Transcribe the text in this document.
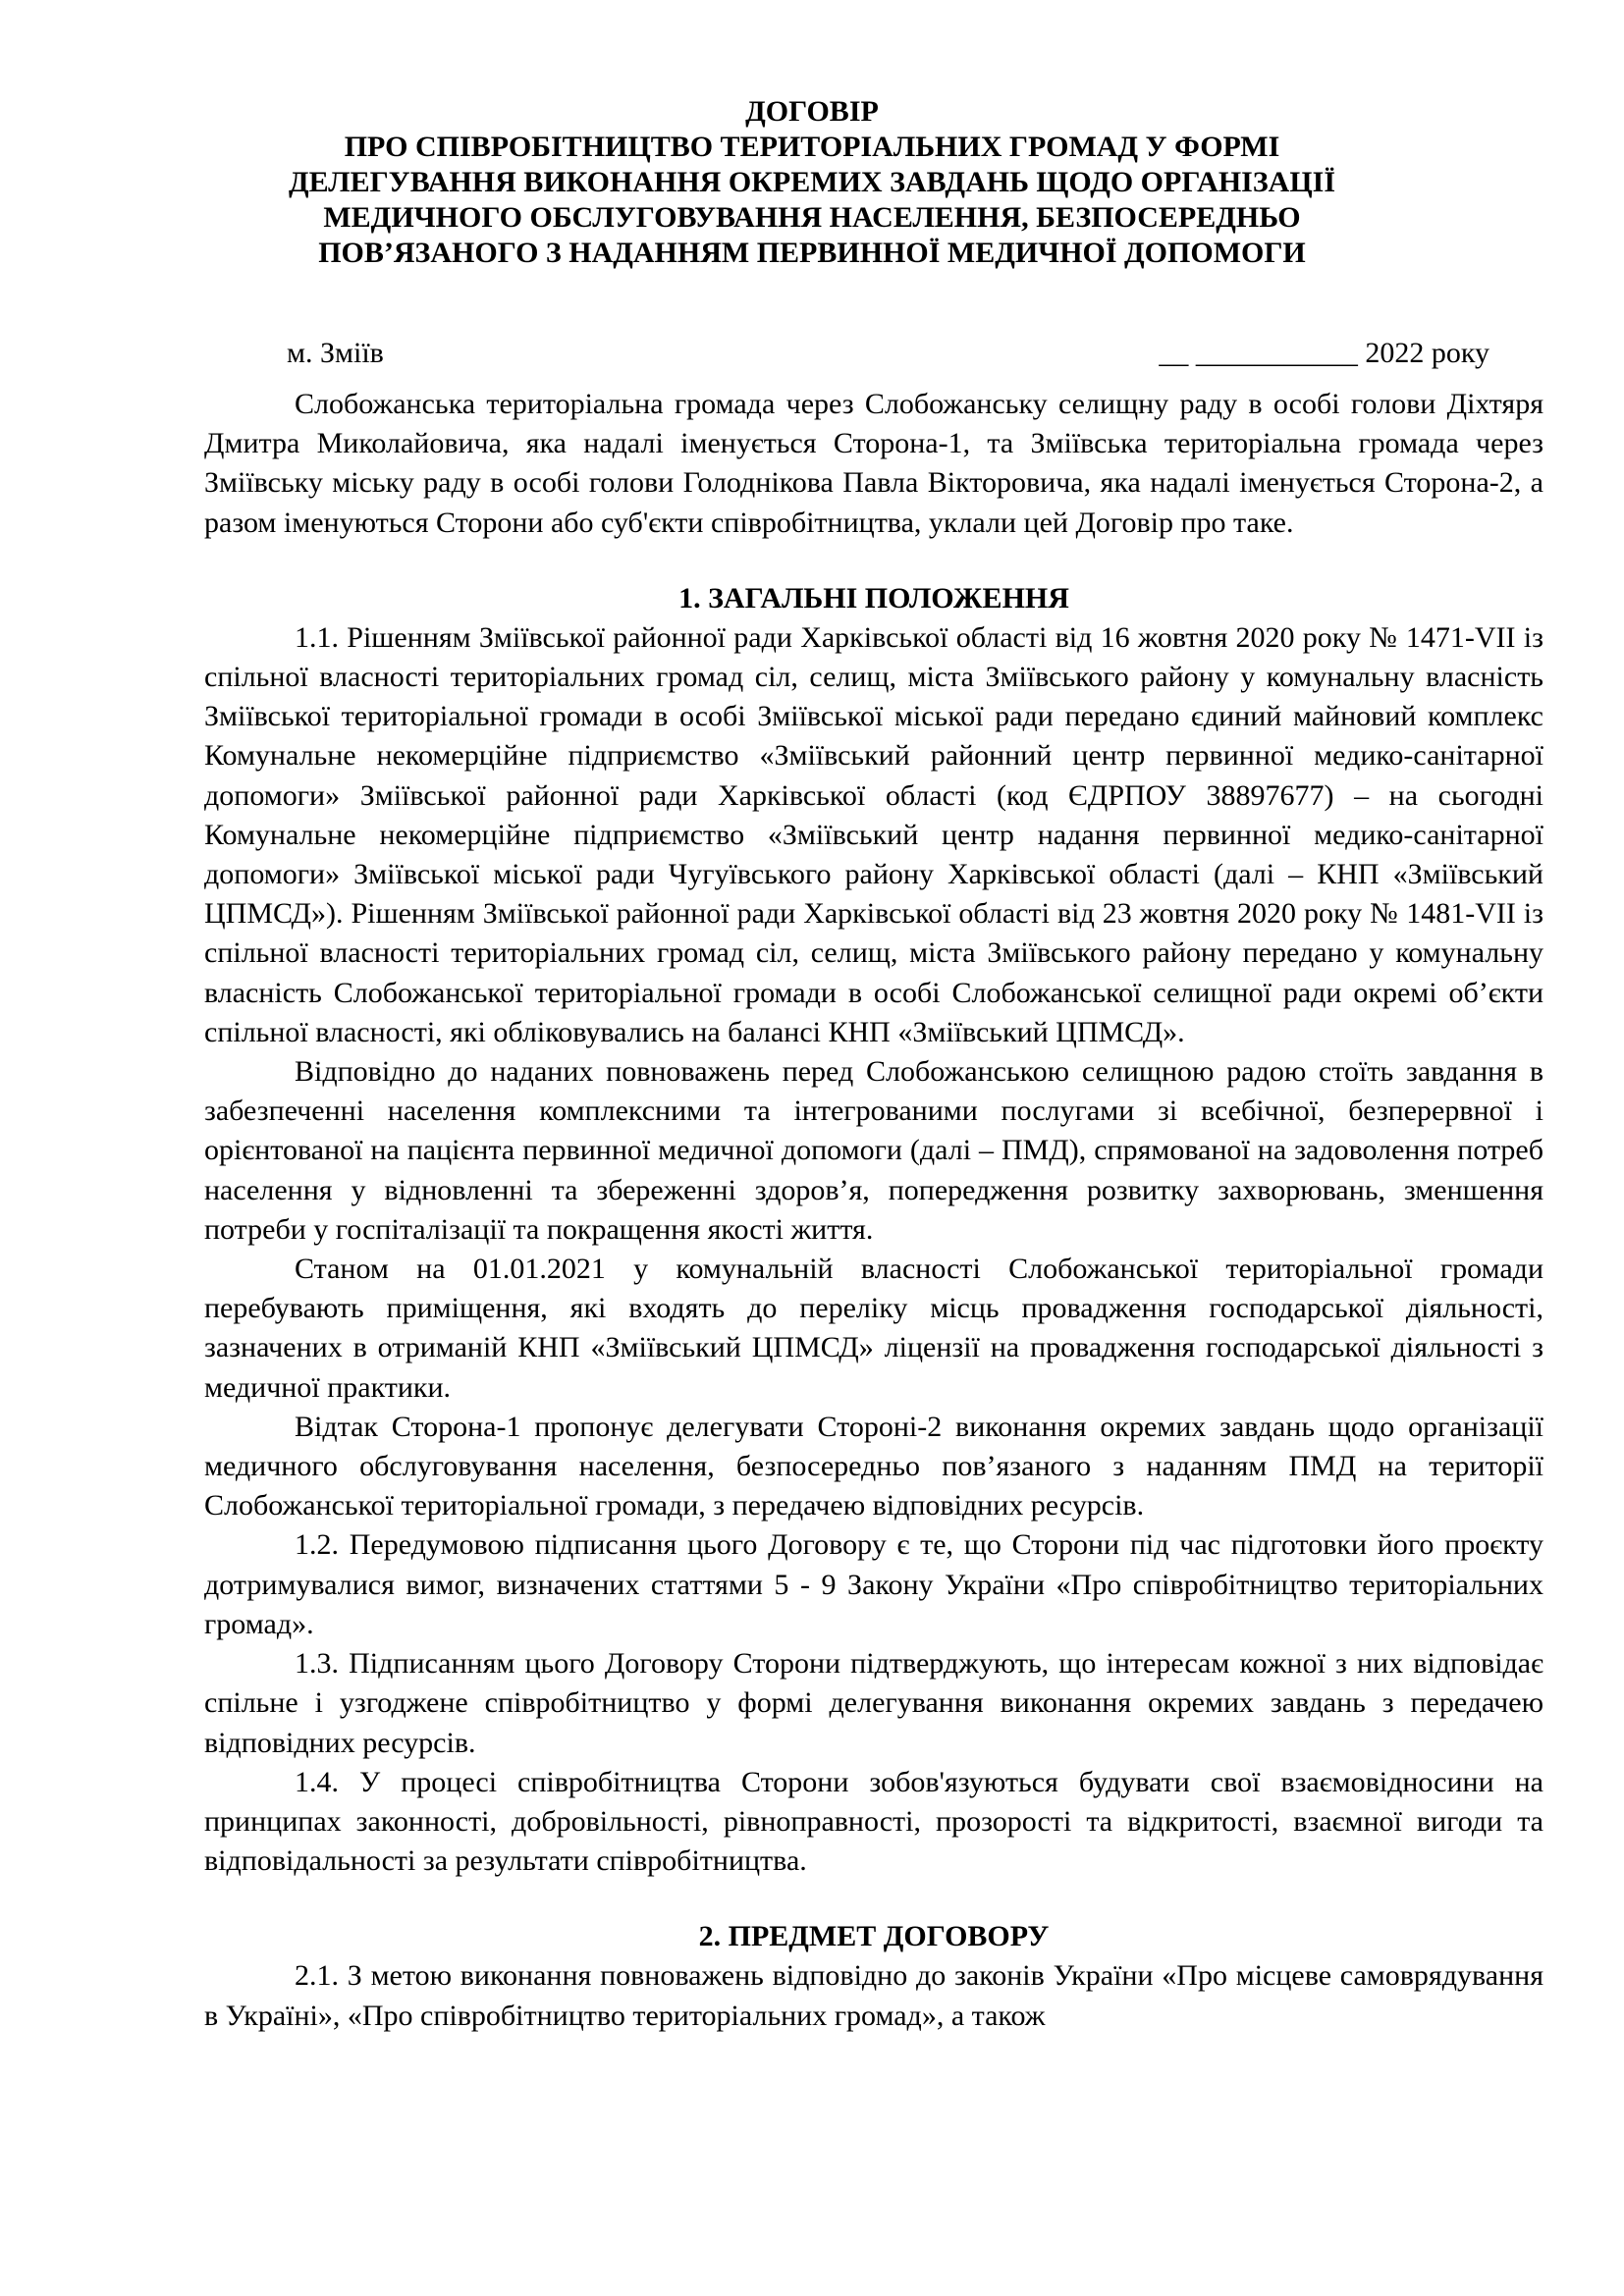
ДОГОВІР
ПРО СПІВРОБІТНИЦТВО ТЕРИТОРІАЛЬНИХ ГРОМАД У ФОРМІ
ДЕЛЕГУВАННЯ ВИКОНАННЯ ОКРЕМИХ ЗАВДАНЬ ЩОДО ОРГАНІЗАЦІЇ
МЕДИЧНОГО ОБСЛУГОВУВАННЯ НАСЕЛЕННЯ, БЕЗПОСЕРЕДНЬО
ПОВ’ЯЗАНОГО З НАДАННЯМ ПЕРВИННОЇ МЕДИЧНОЇ ДОПОМОГИ
м. Зміїв	__ ___________ 2022 року

Слобожанська територіальна громада через Слобожанську селищну раду в особі голови Діхтяря Дмитра Миколайовича, яка надалі іменується Сторона-1, та Зміївська територіальна громада через Зміївську міську раду в особі голови Голоднікова Павла Вікторовича, яка надалі іменується Сторона-2, а разом іменуються Сторони або суб'єкти співробітництва, уклали цей Договір про таке.

1. ЗАГАЛЬНІ ПОЛОЖЕННЯ

1.1. Рішенням Зміївської районної ради Харківської області від 16 жовтня 2020 року № 1471-VII із спільної власності територіальних громад сіл, селищ, міста Зміївського району у комунальну власність Зміївської територіальної громади в особі Зміївської міської ради передано єдиний майновий комплекс Комунальне некомерційне підприємство «Зміївський районний центр первинної медико-санітарної допомоги» Зміївської районної ради Харківської області (код ЄДРПОУ 38897677) – на сьогодні Комунальне некомерційне підприємство «Зміївський центр надання первинної медико-санітарної допомоги» Зміївської міської ради Чугуївського району Харківської області (далі – КНП «Зміївський ЦПМСД»). Рішенням Зміївської районної ради Харківської області від 23 жовтня 2020 року № 1481-VII із спільної власності територіальних громад сіл, селищ, міста Зміївського району передано у комунальну власність Слобожанської територіальної громади в особі Слобожанської селищної ради окремі об’єкти спільної власності, які обліковувались на балансі КНП «Зміївський ЦПМСД».

Відповідно до наданих повноважень перед Слобожанською селищною радою стоїть завдання в забезпеченні населення комплексними та інтегрованими послугами зі всебічної, безперервної і орієнтованої на пацієнта первинної медичної допомоги (далі – ПМД), спрямованої на задоволення потреб населення у відновленні та збереженні здоров’я, попередження розвитку захворювань, зменшення потреби у госпіталізації та покращення якості життя.

Станом на 01.01.2021 у комунальній власності Слобожанської територіальної громади перебувають приміщення, які входять до переліку місць провадження господарської діяльності, зазначених в отриманій КНП «Зміївський ЦПМСД» ліцензії на провадження господарської діяльності з медичної практики.

Відтак Сторона-1 пропонує делегувати Стороні-2 виконання окремих завдань щодо організації медичного обслуговування населення, безпосередньо пов’язаного з наданням ПМД на території Слобожанської територіальної громади, з передачею відповідних ресурсів.

1.2. Передумовою підписання цього Договору є те, що Сторони під час підготовки його проєкту дотримувалися вимог, визначених статтями 5 - 9 Закону України «Про співробітництво територіальних громад».

1.3. Підписанням цього Договору Сторони підтверджують, що інтересам кожної з них відповідає спільне і узгоджене співробітництво у формі делегування виконання окремих завдань з передачею відповідних ресурсів.

1.4. У процесі співробітництва Сторони зобов'язуються будувати свої взаємовідносини на принципах законності, добровільності, рівноправності, прозорості та відкритості, взаємної вигоди та відповідальності за результати співробітництва.

2. ПРЕДМЕТ ДОГОВОРУ

2.1. З метою виконання повноважень відповідно до законів України «Про місцеве самоврядування в Україні», «Про співробітництво територіальних громад», а також
